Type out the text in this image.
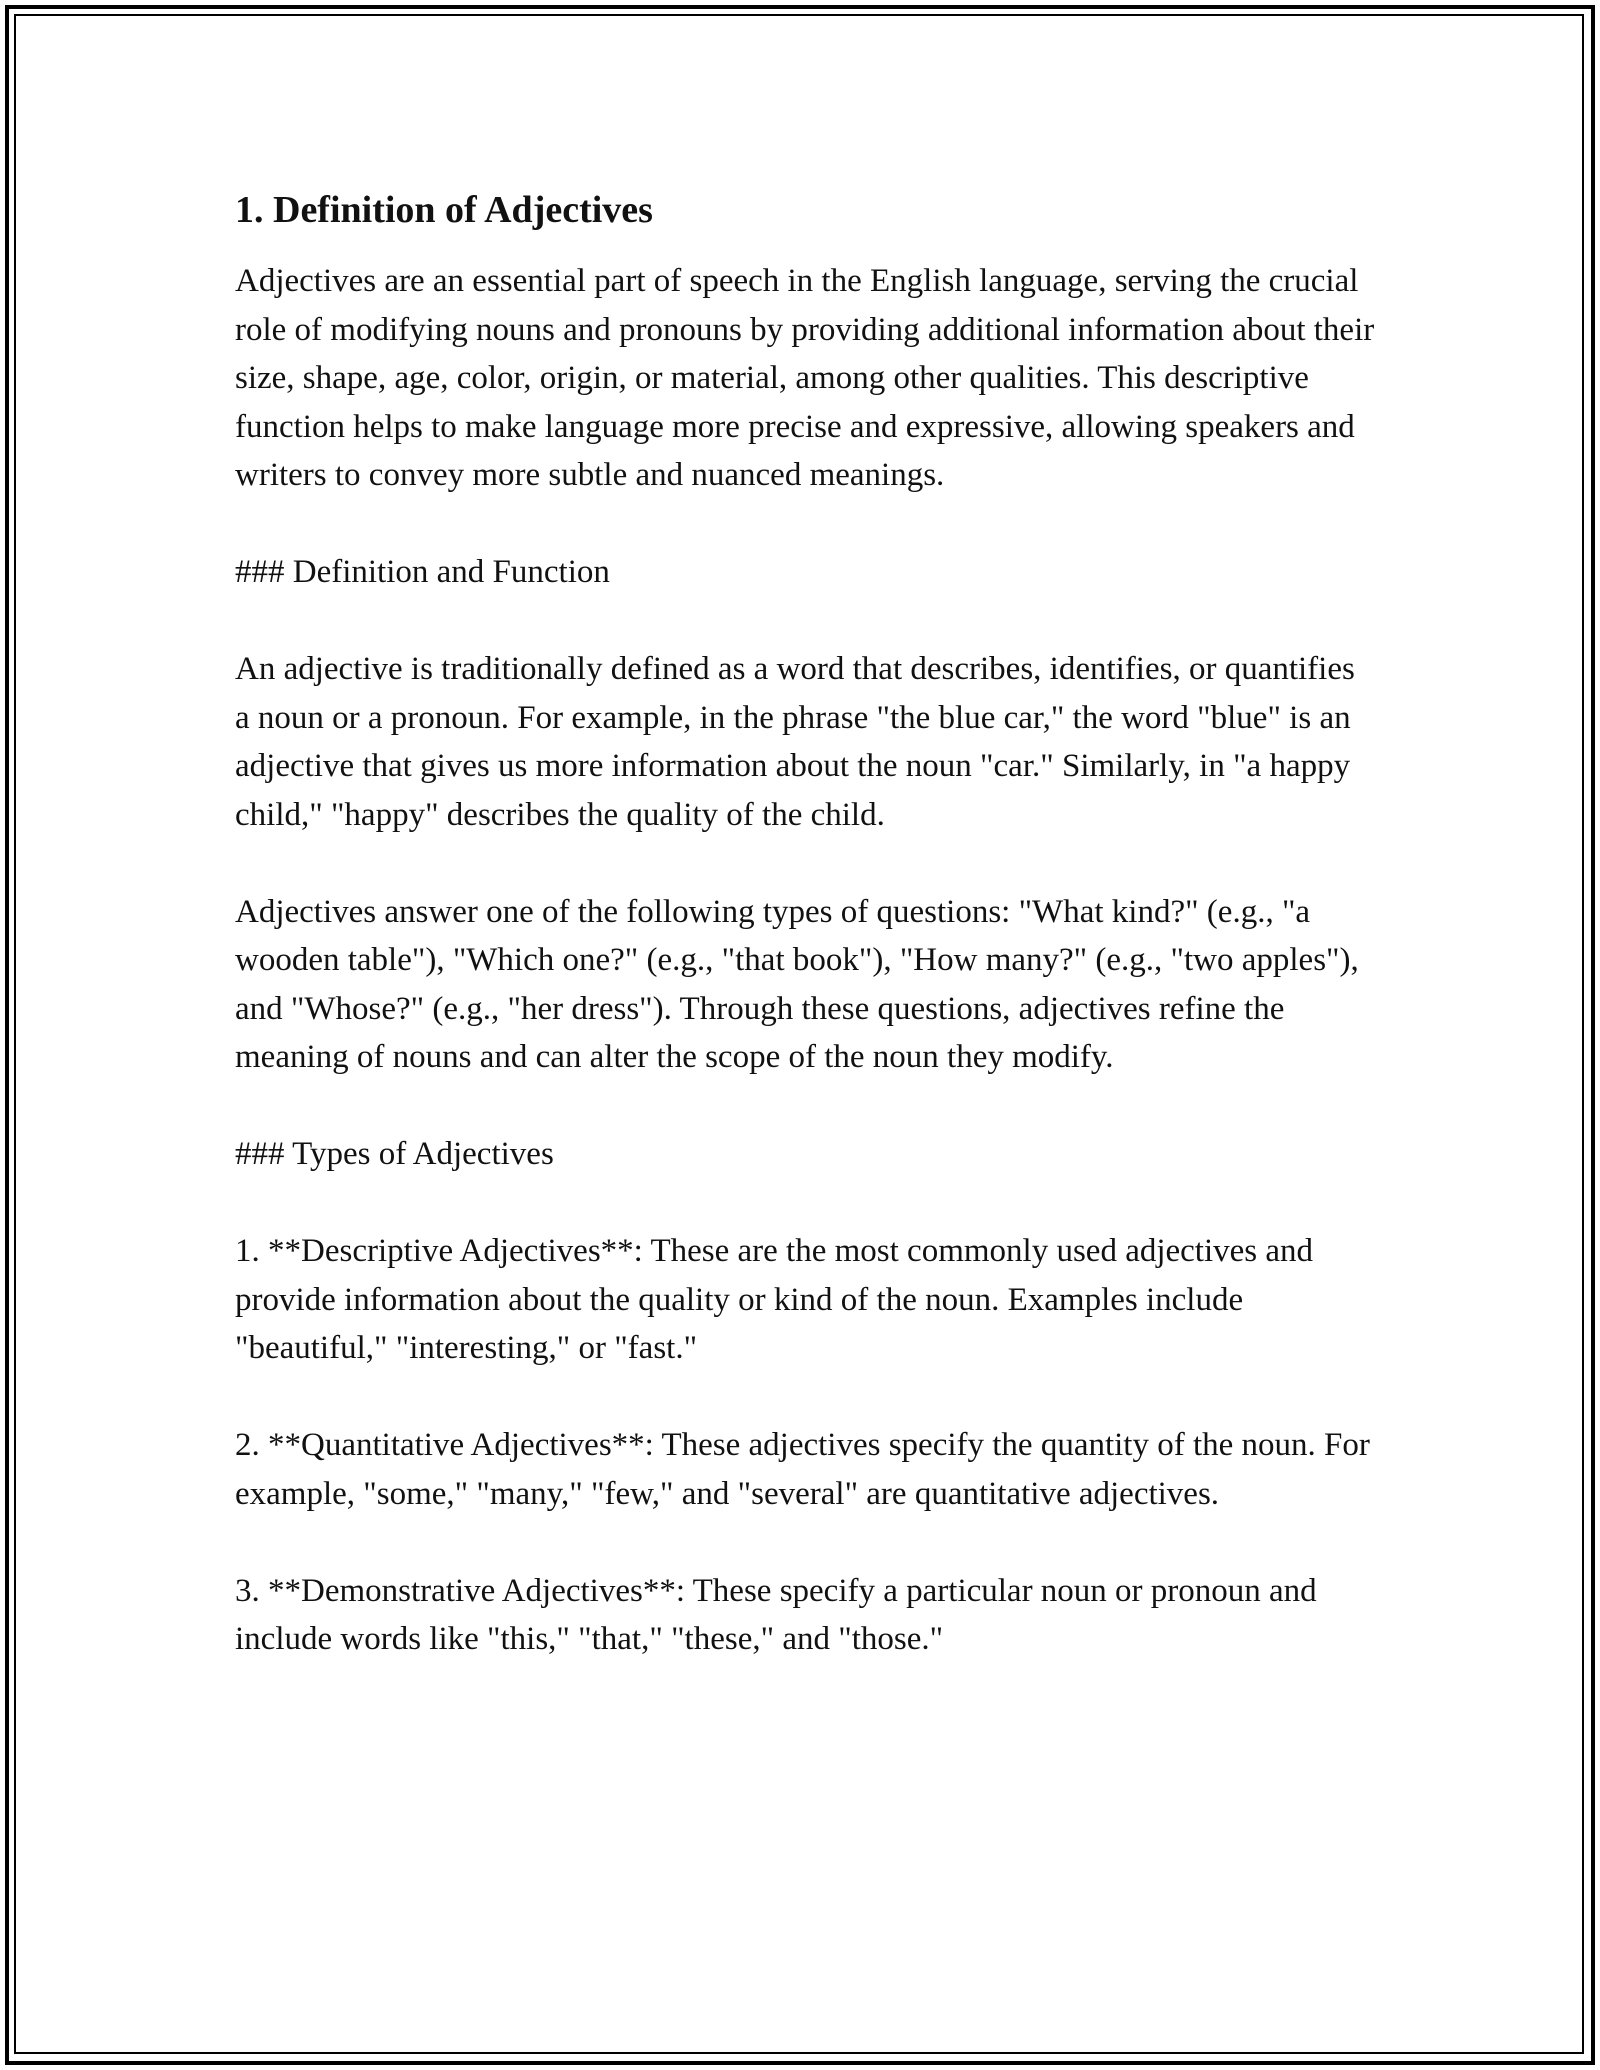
1. Definition of Adjectives

Adjectives are an essential part of speech in the English language, serving the crucial role of modifying nouns and pronouns by providing additional information about their size, shape, age, color, origin, or material, among other qualities. This descriptive function helps to make language more precise and expressive, allowing speakers and writers to convey more subtle and nuanced meanings.

### Definition and Function

An adjective is traditionally defined as a word that describes, identifies, or quantifies a noun or a pronoun. For example, in the phrase "the blue car," the word "blue" is an adjective that gives us more information about the noun "car." Similarly, in "a happy child," "happy" describes the quality of the child.

Adjectives answer one of the following types of questions: "What kind?" (e.g., "a wooden table"), "Which one?" (e.g., "that book"), "How many?" (e.g., "two apples"), and "Whose?" (e.g., "her dress"). Through these questions, adjectives refine the meaning of nouns and can alter the scope of the noun they modify.

### Types of Adjectives

1. **Descriptive Adjectives**: These are the most commonly used adjectives and provide information about the quality or kind of the noun. Examples include "beautiful," "interesting," or "fast."

2. **Quantitative Adjectives**: These adjectives specify the quantity of the noun. For example, "some," "many," "few," and "several" are quantitative adjectives.

3. **Demonstrative Adjectives**: These specify a particular noun or pronoun and include words like "this," "that," "these," and "those."
